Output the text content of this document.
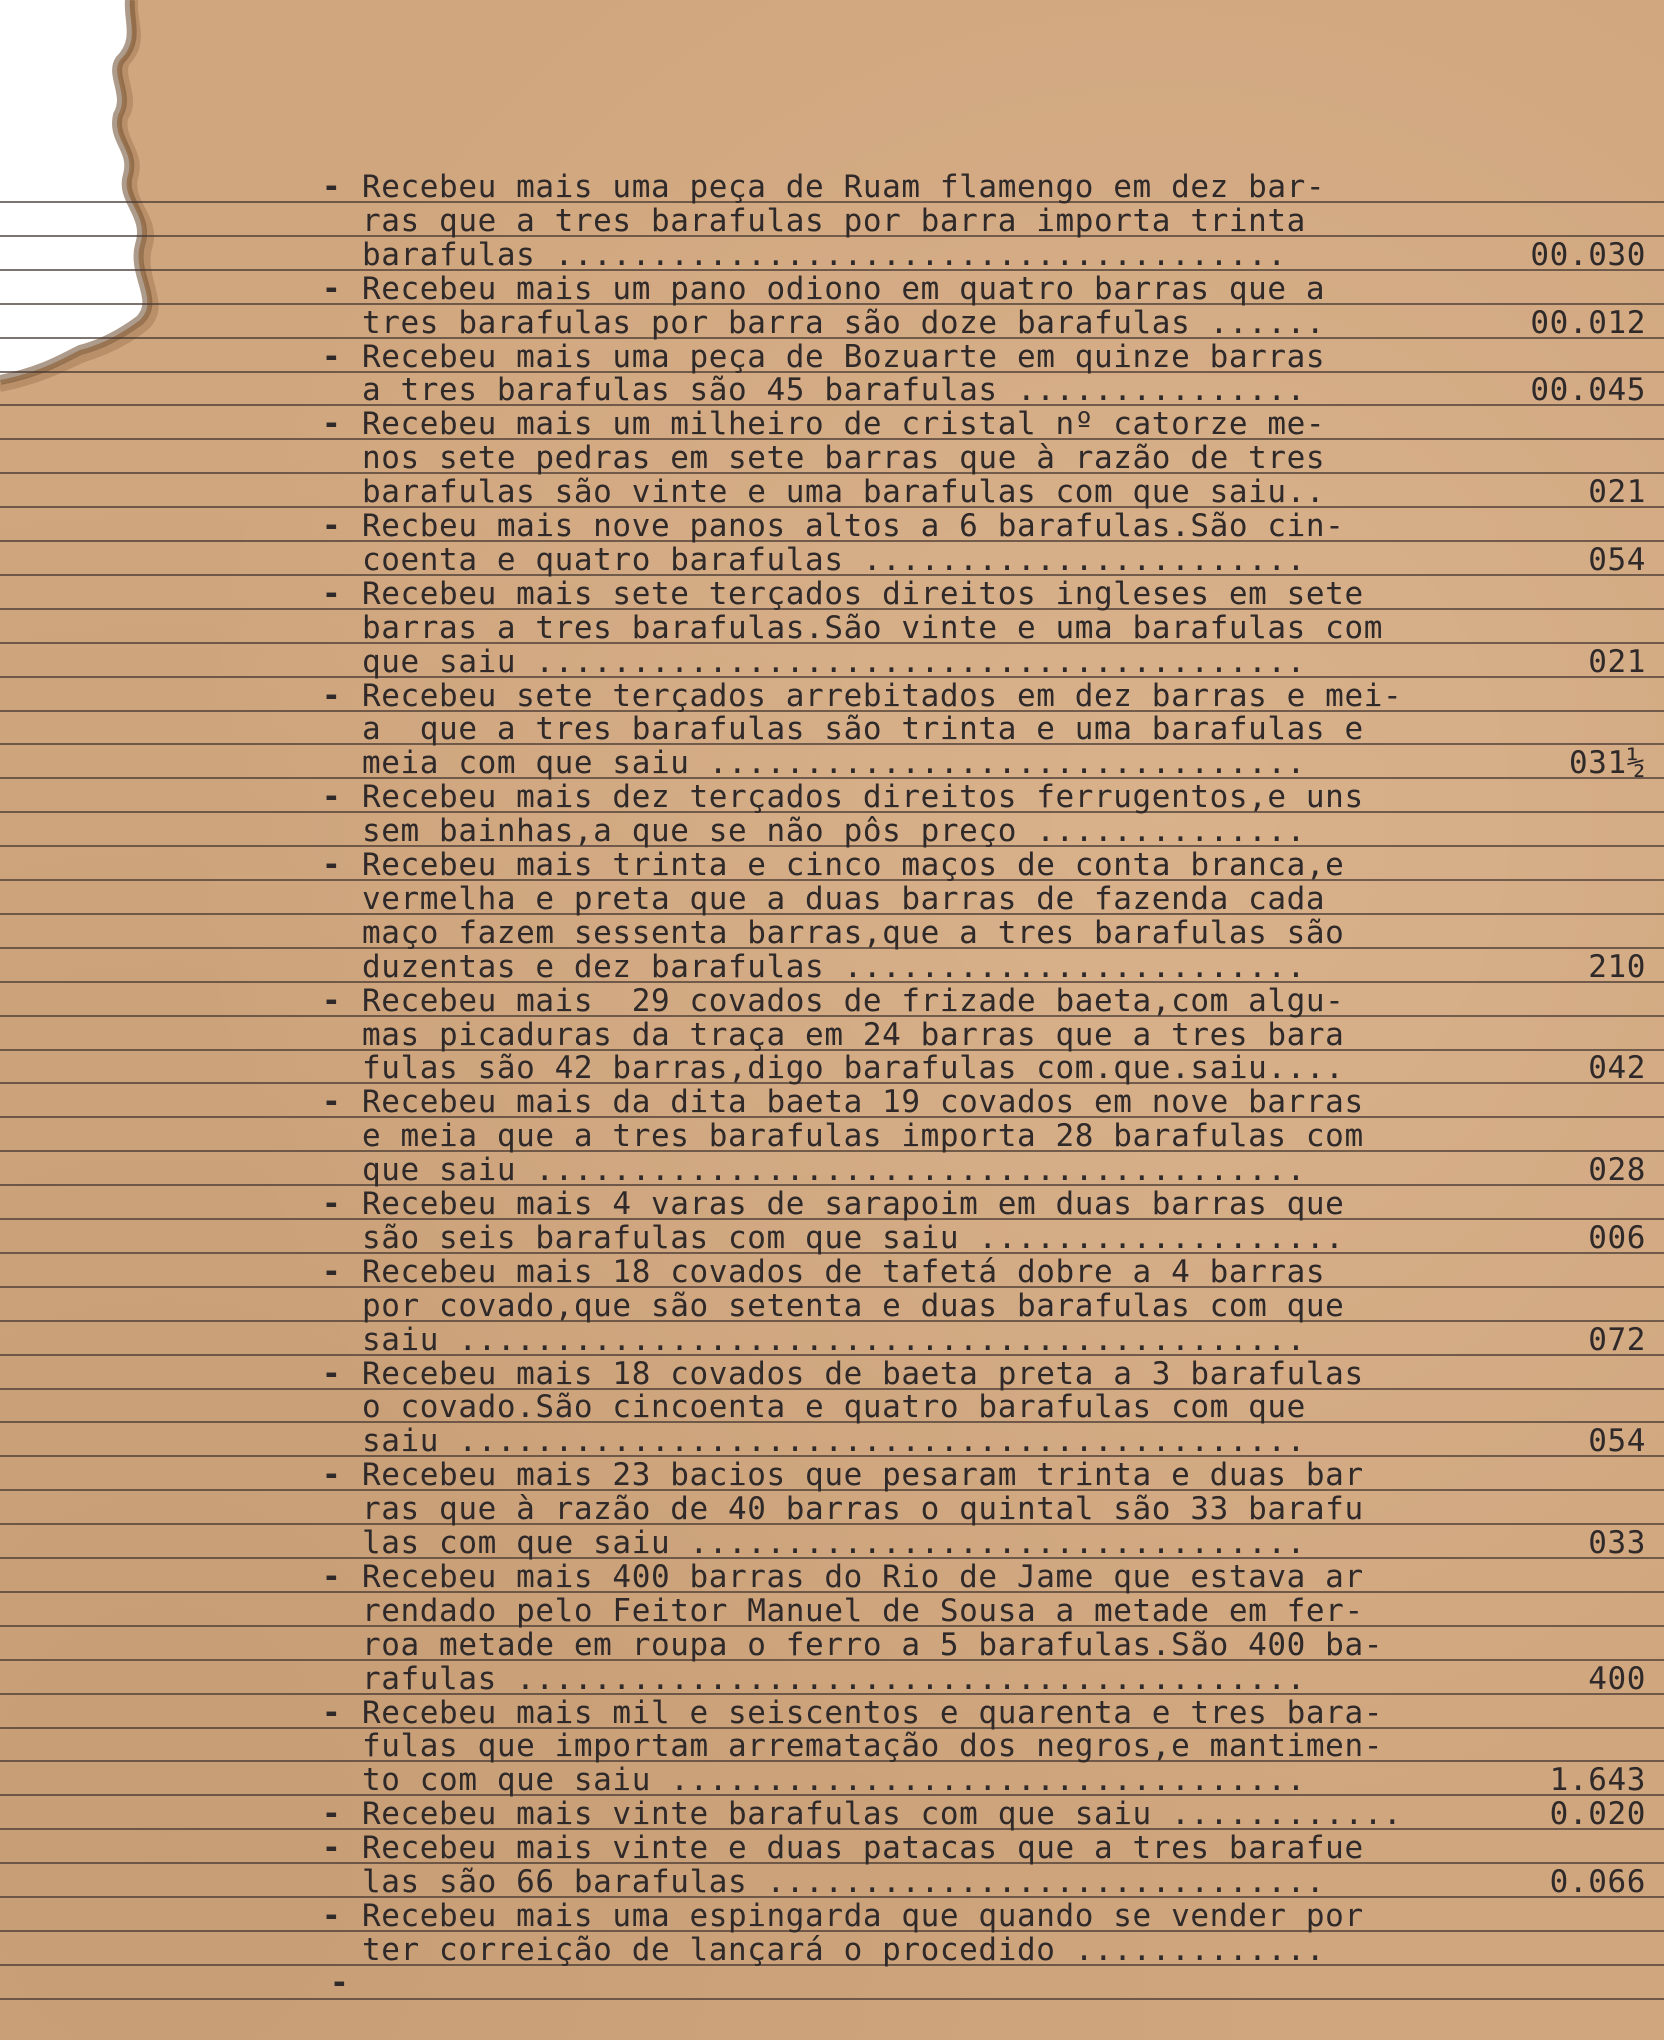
- Recebeu mais uma peça de Ruam flamengo em dez bar-
ras que a tres barafulas por barra importa trinta
barafulas ......................................	00.030
- Recebeu mais um pano odiono em quatro barras que a
tres barafulas por barra são doze barafulas ......	00.012
- Recebeu mais uma peça de Bozuarte em quinze barras
a tres barafulas são 45 barafulas ...............	00.045
- Recebeu mais um milheiro de cristal nº catorze me-
nos sete pedras em sete barras que à razão de tres
barafulas são vinte e uma barafulas com que saiu..	021
- Recbeu mais nove panos altos a 6 barafulas.São cin-
coenta e quatro barafulas .......................	054
- Recebeu mais sete terçados direitos ingleses em sete
barras a tres barafulas.São vinte e uma barafulas com
que saiu ........................................	021
- Recebeu sete terçados arrebitados em dez barras e mei-
a  que a tres barafulas são trinta e uma barafulas e
meia com que saiu ...............................	031½
- Recebeu mais dez terçados direitos ferrugentos,e uns
sem bainhas,a que se não pôs preço ..............
- Recebeu mais trinta e cinco maços de conta branca,e
vermelha e preta que a duas barras de fazenda cada
maço fazem sessenta barras,que a tres barafulas são
duzentas e dez barafulas ........................	210
- Recebeu mais  29 covados de frizade baeta,com algu-
mas picaduras da traça em 24 barras que a tres bara
fulas são 42 barras,digo barafulas com.que.saiu....	042
- Recebeu mais da dita baeta 19 covados em nove barras
e meia que a tres barafulas importa 28 barafulas com
que saiu ........................................	028
- Recebeu mais 4 varas de sarapoim em duas barras que
são seis barafulas com que saiu ...................	006
- Recebeu mais 18 covados de tafetá dobre a 4 barras
por covado,que são setenta e duas barafulas com que
saiu ............................................	072
- Recebeu mais 18 covados de baeta preta a 3 barafulas
o covado.São cincoenta e quatro barafulas com que
saiu ............................................	054
- Recebeu mais 23 bacios que pesaram trinta e duas bar
ras que à razão de 40 barras o quintal são 33 barafu
las com que saiu ................................	033
- Recebeu mais 400 barras do Rio de Jame que estava ar
rendado pelo Feitor Manuel de Sousa a metade em fer-
roa metade em roupa o ferro a 5 barafulas.São 400 ba-
rafulas .........................................	400
- Recebeu mais mil e seiscentos e quarenta e tres bara-
fulas que importam arrematação dos negros,e mantimen-
to com que saiu .................................	1.643
- Recebeu mais vinte barafulas com que saiu ............	0.020
- Recebeu mais vinte e duas patacas que a tres barafue
las são 66 barafulas .............................	0.066
- Recebeu mais uma espingarda que quando se vender por
ter correição de lançará o procedido .............
-
